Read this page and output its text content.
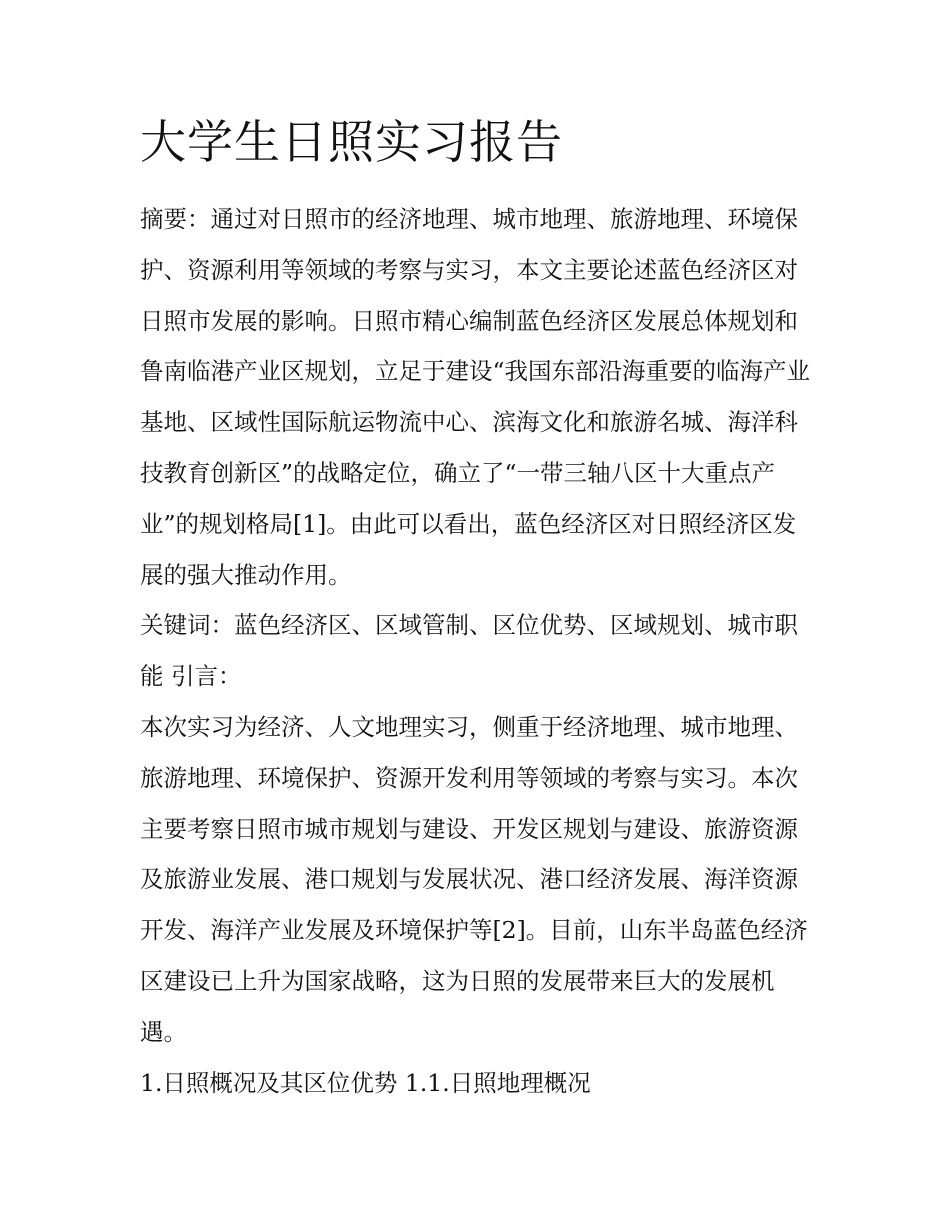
大学生日照实习报告

摘要：通过对日照市的经济地理、城市地理、旅游地理、环境保护、资源利用等领域的考察与实习，本文主要论述蓝色经济区对日照市发展的影响。日照市精心编制蓝色经济区发展总体规划和鲁南临港产业区规划，立足于建设“我国东部沿海重要的临海产业基地、区域性国际航运物流中心、滨海文化和旅游名城、海洋科技教育创新区”的战略定位，确立了“一带三轴八区十大重点产业”的规划格局[1]。由此可以看出，蓝色经济区对日照经济区发展的强大推动作用。

关键词：蓝色经济区、区域管制、区位优势、区域规划、城市职能 引言：

本次实习为经济、人文地理实习，侧重于经济地理、城市地理、旅游地理、环境保护、资源开发利用等领域的考察与实习。本次主要考察日照市城市规划与建设、开发区规划与建设、旅游资源及旅游业发展、港口规划与发展状况、港口经济发展、海洋资源开发、海洋产业发展及环境保护等[2]。目前，山东半岛蓝色经济区建设已上升为国家战略，这为日照的发展带来巨大的发展机遇。

1.日照概况及其区位优势 1.1.日照地理概况
